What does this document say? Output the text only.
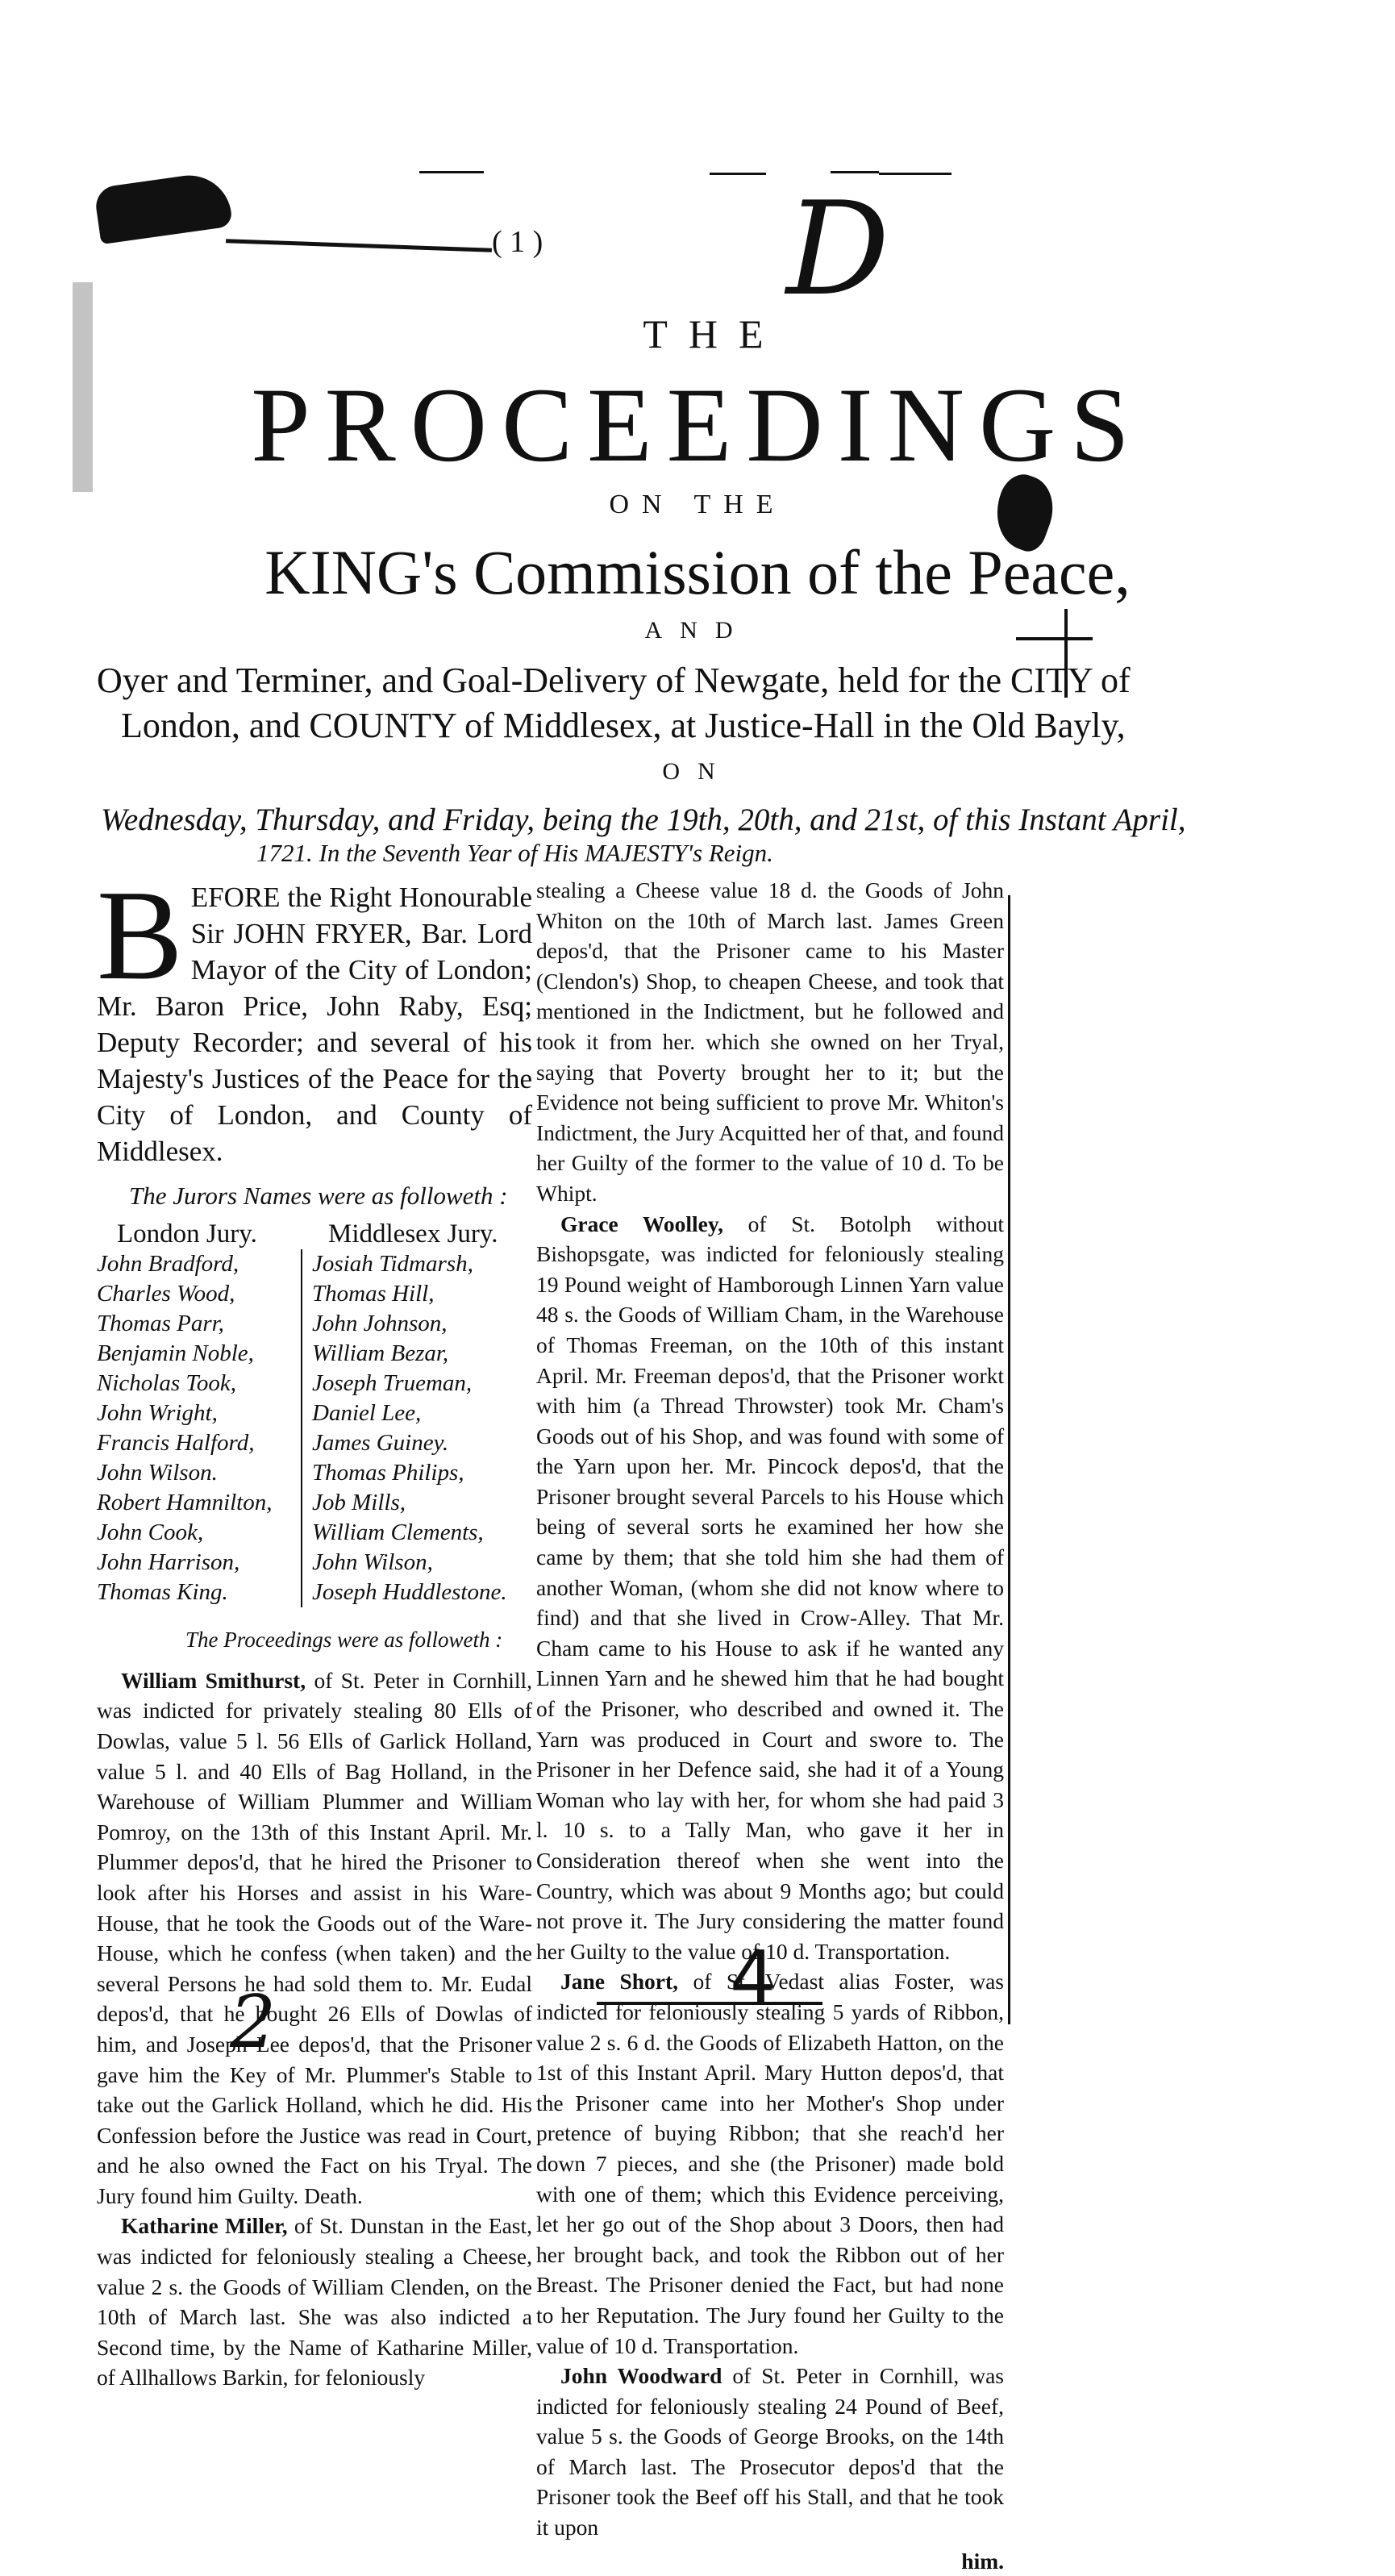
D
2
4
( 1 )
THE
PROCEEDINGS
ON THE
KING's Commission of the Peace,
AND
Oyer and Terminer, and Goal-Delivery of Newgate, held for the CITY of
London, and COUNTY of Middlesex, at Justice-Hall in the Old Bayly,
ON
Wednesday, Thursday, and Friday, being the 19th, 20th, and 21st, of this Instant April,
1721. In the Seventh Year of His MAJESTY's Reign.
B EFORE the Right Honourable Sir JOHN FRYER, Bar. Lord Mayor of the City of London; Mr. Baron Price, John Raby, Esq; Deputy Recorder; and several of his Majesty's Justices of the Peace for the City of London, and County of Middlesex.
The Jurors Names were as followeth :
London Jury.
John Bradford,
Charles Wood,
Thomas Parr,
Benjamin Noble,
Nicholas Took,
John Wright,
Francis Halford,
John Wilson.
Robert Hamnilton,
John Cook,
John Harrison,
Thomas King.
Middlesex Jury.
Josiah Tidmarsh,
Thomas Hill,
John Johnson,
William Bezar,
Joseph Trueman,
Daniel Lee,
James Guiney.
Thomas Philips,
Job Mills,
William Clements,
John Wilson,
Joseph Huddlestone.
The Proceedings were as followeth :

William Smithurst, of St. Peter in Cornhill, was indicted for privately stealing 80 Ells of Dowlas, value 5 l. 56 Ells of Garlick Holland, value 5 l. and 40 Ells of Bag Holland, in the Warehouse of William Plummer and William Pomroy, on the 13th of this Instant April. Mr. Plummer depos'd, that he hired the Prisoner to look after his Horses and assist in his Ware-House, that he took the Goods out of the Ware-House, which he confess (when taken) and the several Persons he had sold them to. Mr. Eudal depos'd, that he bought 26 Ells of Dowlas of him, and Joseph Lee depos'd, that the Prisoner gave him the Key of Mr. Plummer's Stable to take out the Garlick Holland, which he did. His Confession before the Justice was read in Court, and he also owned the Fact on his Tryal. The Jury found him Guilty. Death.

Katharine Miller, of St. Dunstan in the East, was indicted for feloniously stealing a Cheese, value 2 s. the Goods of William Clenden, on the 10th of March last. She was also indicted a Second time, by the Name of Katharine Miller, of Allhallows Barkin, for feloniously

stealing a Cheese value 18 d. the Goods of John Whiton on the 10th of March last. James Green depos'd, that the Prisoner came to his Master (Clendon's) Shop, to cheapen Cheese, and took that mentioned in the Indictment, but he followed and took it from her. which she owned on her Tryal, saying that Poverty brought her to it; but the Evidence not being sufficient to prove Mr. Whiton's Indictment, the Jury Acquitted her of that, and found her Guilty of the former to the value of 10 d. To be Whipt.

Grace Woolley, of St. Botolph without Bishopsgate, was indicted for feloniously stealing 19 Pound weight of Hamborough Linnen Yarn value 48 s. the Goods of William Cham, in the Warehouse of Thomas Freeman, on the 10th of this instant April. Mr. Freeman depos'd, that the Prisoner workt with him (a Thread Throwster) took Mr. Cham's Goods out of his Shop, and was found with some of the Yarn upon her. Mr. Pincock depos'd, that the Prisoner brought several Parcels to his House which being of several sorts he examined her how she came by them; that she told him she had them of another Woman, (whom she did not know where to find) and that she lived in Crow-Alley. That Mr. Cham came to his House to ask if he wanted any Linnen Yarn and he shewed him that he had bought of the Prisoner, who described and owned it. The Yarn was produced in Court and swore to. The Prisoner in her Defence said, she had it of a Young Woman who lay with her, for whom she had paid 3 l. 10 s. to a Tally Man, who gave it her in Consideration thereof when she went into the Country, which was about 9 Months ago; but could not prove it. The Jury considering the matter found her Guilty to the value of 10 d. Transportation.

Jane Short, of St. Vedast alias Foster, was indicted for feloniously stealing 5 yards of Ribbon, value 2 s. 6 d. the Goods of Elizabeth Hatton, on the 1st of this Instant April. Mary Hutton depos'd, that the Prisoner came into her Mother's Shop under pretence of buying Ribbon; that she reach'd her down 7 pieces, and she (the Prisoner) made bold with one of them; which this Evidence perceiving, let her go out of the Shop about 3 Doors, then had her brought back, and took the Ribbon out of her Breast. The Prisoner denied the Fact, but had none to her Reputation. The Jury found her Guilty to the value of 10 d. Transportation.

John Woodward of St. Peter in Cornhill, was indicted for feloniously stealing 24 Pound of Beef, value 5 s. the Goods of George Brooks, on the 14th of March last. The Prosecutor depos'd that the Prisoner took the Beef off his Stall, and that he took it upon

him.
